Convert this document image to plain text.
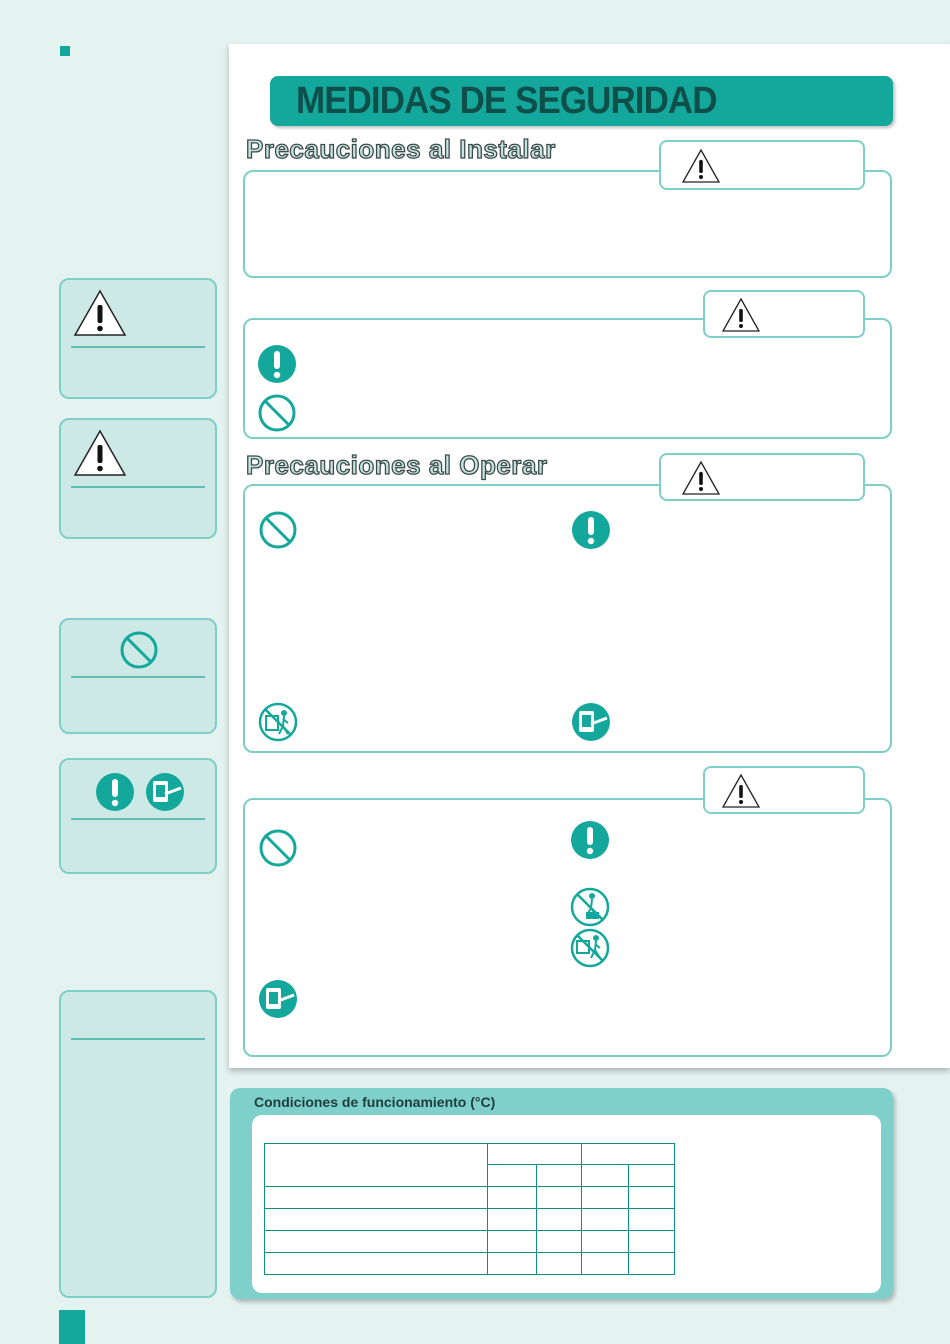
MEDIDAS DE SEGURIDAD
Precauciones al Instalar
Precauciones al Operar
Condiciones de funcionamiento (°C)
